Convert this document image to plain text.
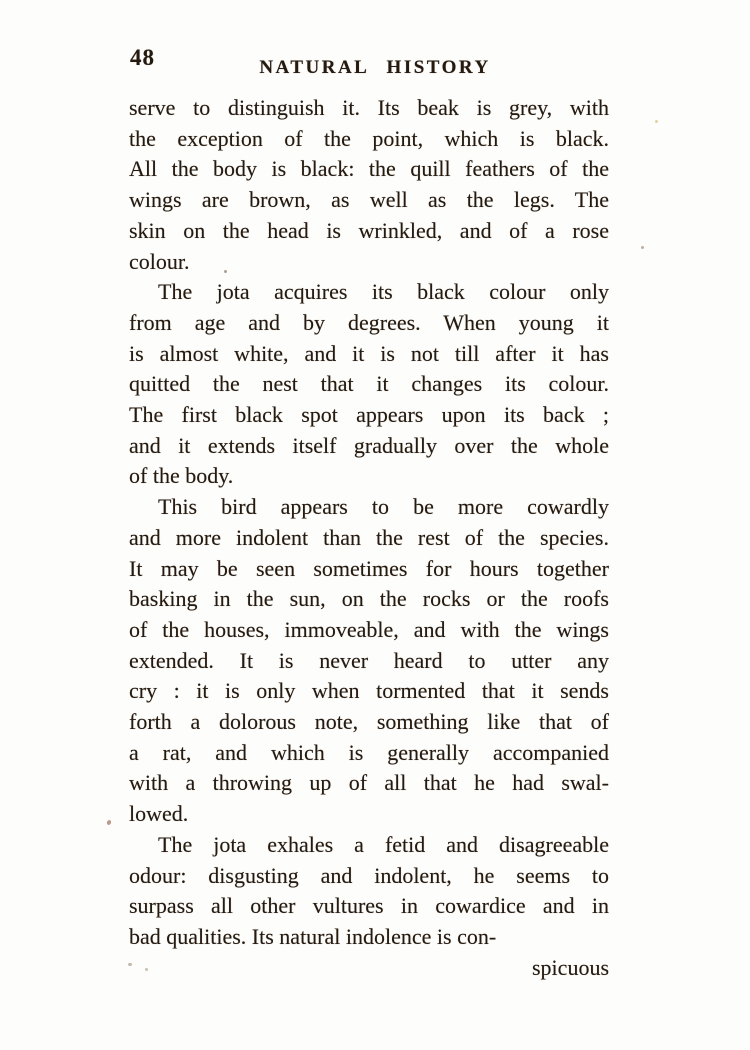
48	NATURAL HISTORY
serve to distinguish it. Its beak is grey, with
the exception of the point, which is black.
All the body is black: the quill feathers of the
wings are brown, as well as the legs. The
skin on the head is wrinkled, and of a rose
colour.
The jota acquires its black colour only
from age and by degrees. When young it
is almost white, and it is not till after it has
quitted the nest that it changes its colour.
The first black spot appears upon its back ;
and it extends itself gradually over the whole
of the body.
This bird appears to be more cowardly
and more indolent than the rest of the species.
It may be seen sometimes for hours together
basking in the sun, on the rocks or the roofs
of the houses, immoveable, and with the wings
extended. It is never heard to utter any
cry : it is only when tormented that it sends
forth a dolorous note, something like that of
a rat, and which is generally accompanied
with a throwing up of all that he had swal-
lowed.
The jota exhales a fetid and disagreeable
odour: disgusting and indolent, he seems to
surpass all other vultures in cowardice and in
bad qualities. Its natural indolence is con-
spicuous
